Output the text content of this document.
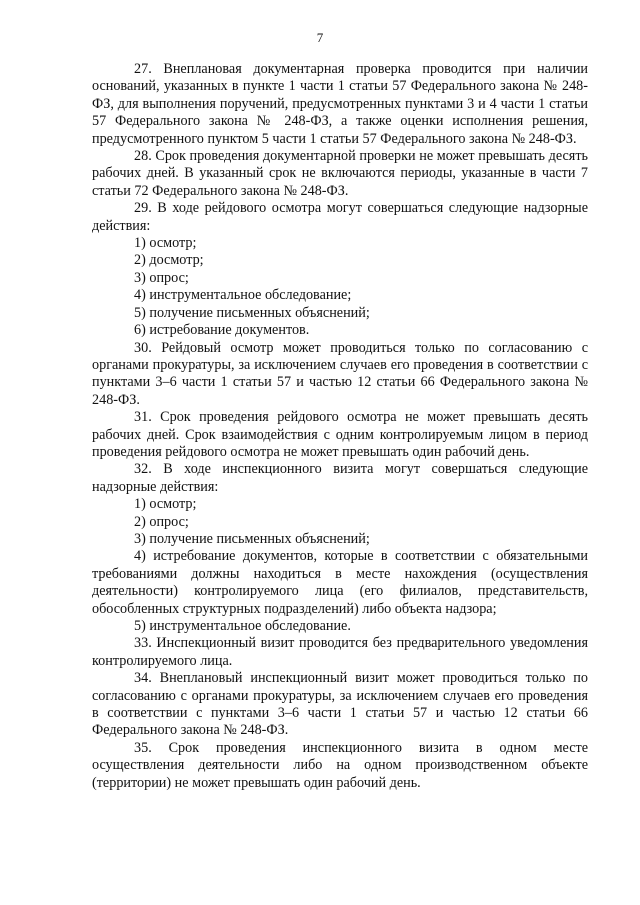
7

27. Внеплановая документарная проверка проводится при наличии оснований, указанных в пункте 1 части 1 статьи 57 Федерального закона № 248-ФЗ, для выполнения поручений, предусмотренных пунктами 3 и 4 части 1 статьи 57 Федерального закона № 248-ФЗ, а также оценки исполнения решения, предусмотренного пунктом 5 части 1 статьи 57 Федерального закона № 248-ФЗ.

28. Срок проведения документарной проверки не может превышать десять рабочих дней. В указанный срок не включаются периоды, указанные в части 7 статьи 72 Федерального закона № 248-ФЗ.

29. В ходе рейдового осмотра могут совершаться следующие надзорные действия:

1) осмотр;

2) досмотр;

3) опрос;

4) инструментальное обследование;

5) получение письменных объяснений;

6) истребование документов.

30. Рейдовый осмотр может проводиться только по согласованию с органами прокуратуры, за исключением случаев его проведения в соответствии с пунктами 3–6 части 1 статьи 57 и частью 12 статьи 66 Федерального закона № 248-ФЗ.

31. Срок проведения рейдового осмотра не может превышать десять рабочих дней. Срок взаимодействия с одним контролируемым лицом в период проведения рейдового осмотра не может превышать один рабочий день.

32. В ходе инспекционного визита могут совершаться следующие надзорные действия:

1) осмотр;

2) опрос;

3) получение письменных объяснений;

4) истребование документов, которые в соответствии с обязательными требованиями должны находиться в месте нахождения (осуществления деятельности) контролируемого лица (его филиалов, представительств, обособленных структурных подразделений) либо объекта надзора;

5) инструментальное обследование.

33. Инспекционный визит проводится без предварительного уведомления контролируемого лица.

34. Внеплановый инспекционный визит может проводиться только по согласованию с органами прокуратуры, за исключением случаев его проведения в соответствии с пунктами 3–6 части 1 статьи 57 и частью 12 статьи 66 Федерального закона № 248-ФЗ.

35. Срок проведения инспекционного визита в одном месте осуществления деятельности либо на одном производственном объекте (территории) не может превышать один рабочий день.
